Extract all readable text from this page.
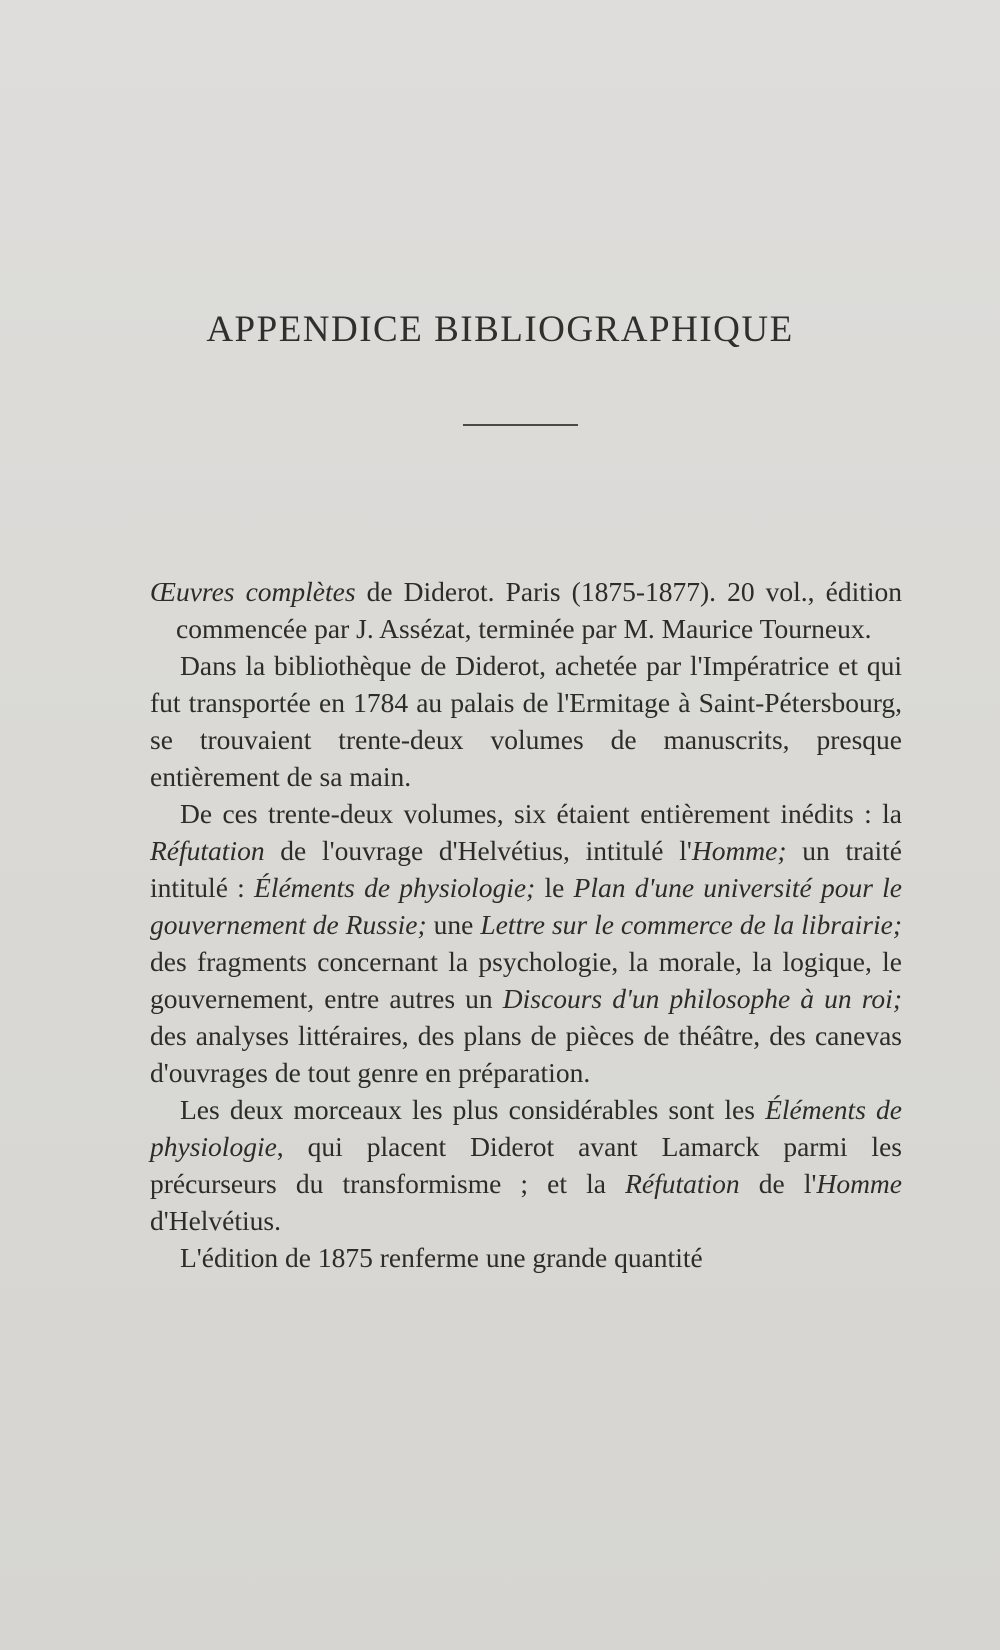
APPENDICE BIBLIOGRAPHIQUE

Œuvres complètes de Diderot. Paris (1875-1877). 20 vol., édition commencée par J. Assézat, terminée par M. Maurice Tourneux.

Dans la bibliothèque de Diderot, achetée par l'Impératrice et qui fut transportée en 1784 au palais de l'Ermitage à Saint-Pétersbourg, se trouvaient trente-deux volumes de manuscrits, presque entièrement de sa main.

De ces trente-deux volumes, six étaient entièrement inédits : la Réfutation de l'ouvrage d'Helvétius, intitulé l'Homme; un traité intitulé : Éléments de physiologie; le Plan d'une université pour le gouvernement de Russie; une Lettre sur le commerce de la librairie; des fragments concernant la psychologie, la morale, la logique, le gouvernement, entre autres un Discours d'un philosophe à un roi; des analyses littéraires, des plans de pièces de théâtre, des canevas d'ouvrages de tout genre en préparation.

Les deux morceaux les plus considérables sont les Éléments de physiologie, qui placent Diderot avant Lamarck parmi les précurseurs du transformisme ; et la Réfutation de l'Homme d'Helvétius.

L'édition de 1875 renferme une grande quantité
